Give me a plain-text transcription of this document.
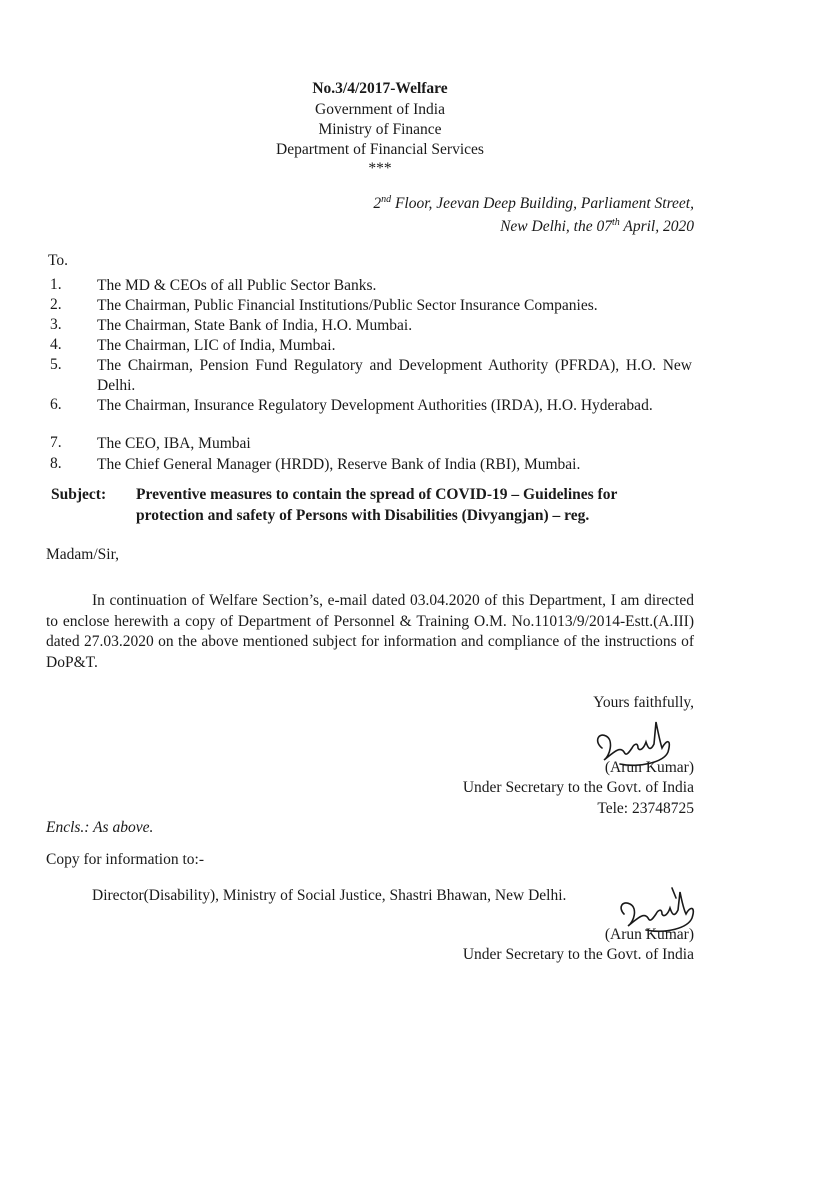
No.3/4/2017-Welfare
Government of India
Ministry of Finance
Department of Financial Services
***
2nd Floor, Jeevan Deep Building, Parliament Street,
New Delhi, the 07th April, 2020
To.
1. The MD & CEOs of all Public Sector Banks.
2. The Chairman, Public Financial Institutions/Public Sector Insurance Companies.
3. The Chairman, State Bank of India, H.O. Mumbai.
4. The Chairman, LIC of India, Mumbai.
5. The Chairman, Pension Fund Regulatory and Development Authority (PFRDA), H.O. New Delhi.
6. The Chairman, Insurance Regulatory Development Authorities (IRDA), H.O. Hyderabad.
7. The CEO, IBA, Mumbai
8. The Chief General Manager (HRDD), Reserve Bank of India (RBI), Mumbai.
Subject: Preventive measures to contain the spread of COVID-19 – Guidelines for
protection and safety of Persons with Disabilities (Divyangjan) – reg.
Madam/Sir,
In continuation of Welfare Section’s, e-mail dated 03.04.2020 of this Department, I am directed to enclose herewith a copy of Department of Personnel & Training O.M. No.11013/9/2014-Estt.(A.III) dated 27.03.2020 on the above mentioned subject for information and compliance of the instructions of DoP&T.
Yours faithfully,
(Arun Kumar)
Under Secretary to the Govt. of India
Tele: 23748725
Encls.: As above.
Copy for information to:-
Director(Disability), Ministry of Social Justice, Shastri Bhawan, New Delhi.
(Arun Kumar)
Under Secretary to the Govt. of India
